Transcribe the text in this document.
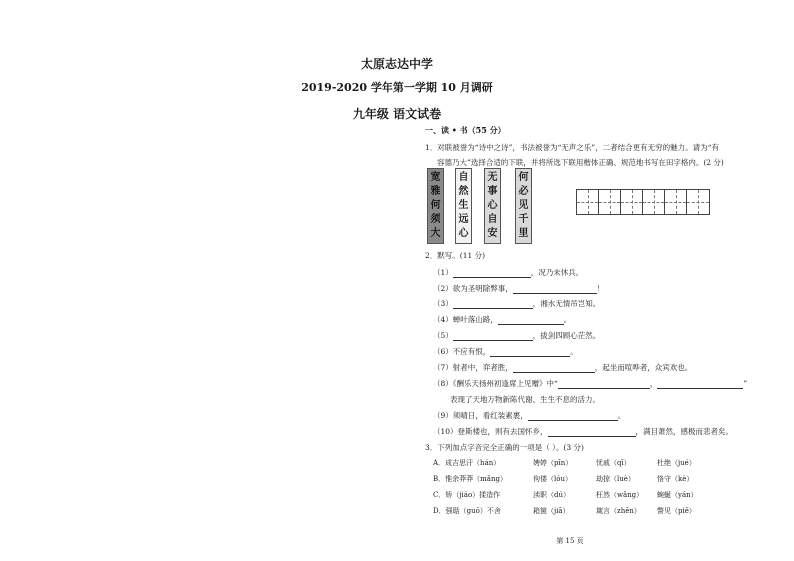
太原志达中学
2019-2020 学年第一学期 10 月调研
九年级 语文试卷
一、读 • 书（55 分）
1．对联被誉为“诗中之诗”，书法被誉为“无声之乐”，二者结合更有无穷的魅力。请为“有
容德乃大”选择合适的下联，并将所选下联用楷体正确、规范地书写在田字格内。(2 分)
宽
雅
何
须
大
自
然
生
远
心
无
事
心
自
安
何
必
见
千
里
2．默写。(11 分)
（1）	，况乃未休兵。
（2）欲为圣明除弊事，	！
（3）	，湘水无情吊岂知。
（4）蝉叶落山路，	。
（5）	，拔剑四顾心茫然。
（6）不应有恨，	。
（7）射者中，弈者胜，	，起坐而喧哗者，众宾欢也。
（8）《酬乐天扬州初逢席上见赠》中“	，	”
表现了天地万物新陈代谢、生生不息的活力。
（9）须晴日，看红装素裹，	。
（10）登斯楼也，则有去国怀乡，	，满目萧然，感极而悲者矣。
3．下列加点字音完全正确的一项是（ ）。(3 分)
A．成吉思汗（hán）	娉婷（pīn）	忧戚（qī）	杜绝（jué）
B．惟余莽莽（mǎng）	佝偻（lóu）	劫掠（luè）	恪守（kè）
C．矫（jiáo）揉造作	渎职（dú）	枉然（wǎng） 蜿蜒（yán）
D．强聒（guō）不舍	箱箧（jiā）	箴言（zhēn） 瞥见（piě）
第 15 页
